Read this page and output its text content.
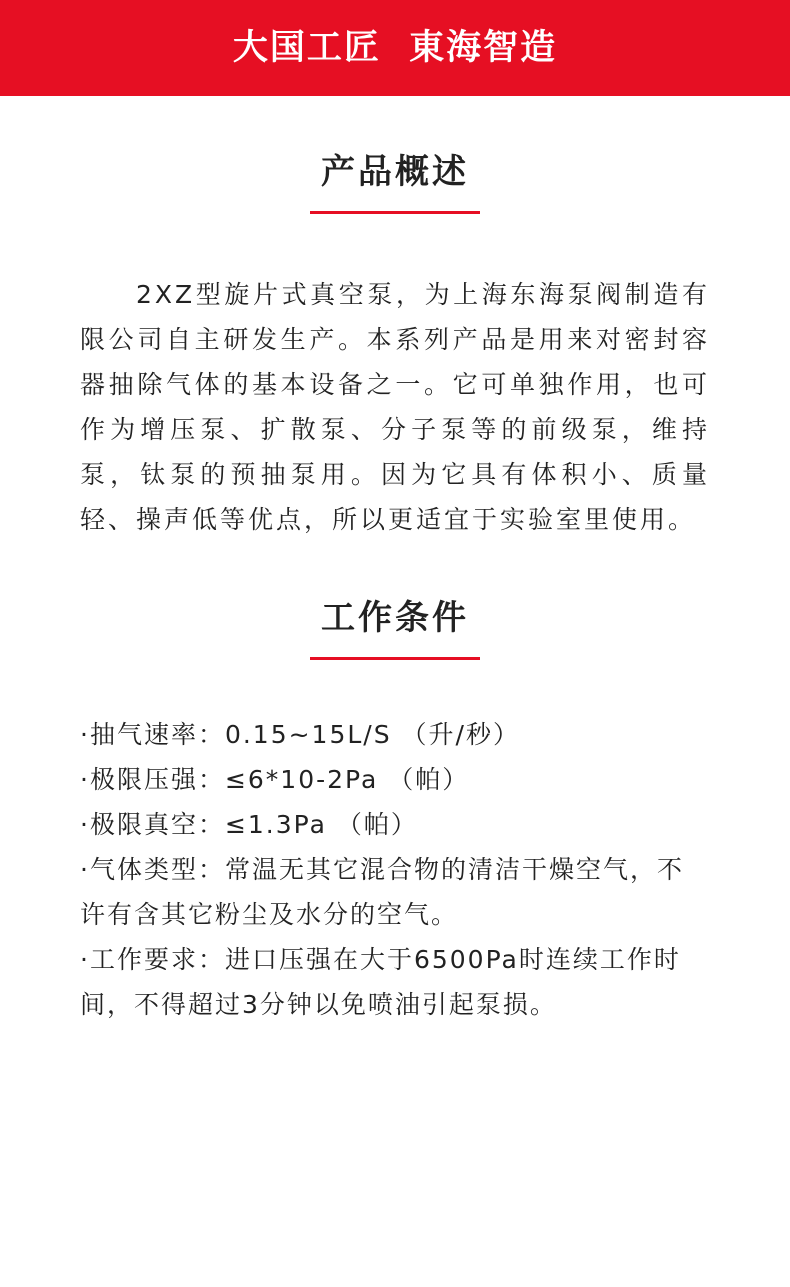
大国工匠  東海智造
产品概述

2XZ型旋片式真空泵，为上海东海泵阀制造有限公司自主研发生产。本系列产品是用来对密封容器抽除气体的基本设备之一。它可单独作用，也可作为增压泵、扩散泵、分子泵等的前级泵，维持泵，钛泵的预抽泵用。因为它具有体积小、质量轻、操声低等优点，所以更适宜于实验室里使用。

工作条件
·抽气速率：0.15~15L/S （升/秒）
·极限压强：≤6*10-2Pa （帕）
·极限真空：≤1.3Pa （帕）
·气体类型：常温无其它混合物的清洁干燥空气，不许有含其它粉尘及水分的空气。
·工作要求：进口压强在大于6500Pa时连续工作时间，不得超过3分钟以免喷油引起泵损。
